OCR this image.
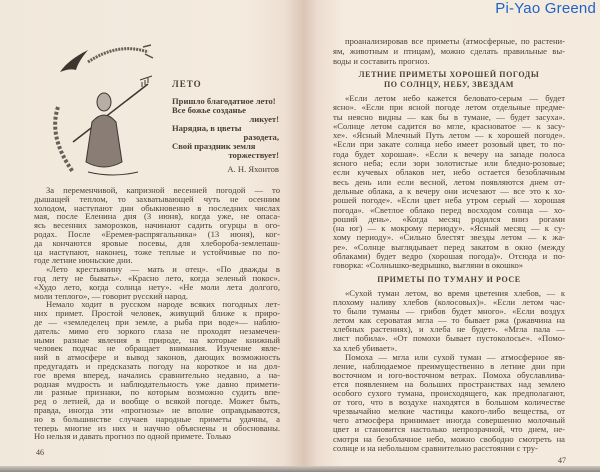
ЛЕТО
Пришло благодатное лето!
Все божье созданье
ликует!
Нарядна, в цветы
разодета,
Свой праздник земля
торжествует!
А. Н. Яхонтов
За переменчивой, капризной весенней погодой — то
дышащей теплом, то захватывающей чуть не осенним
холодом, наступают дни обыкновенно в последних числах
мая, после Еленина дня (3 июня), когда уже, не опаса-
ясь весенних заморозков, начинают садить огурцы в ого-
родах. После «Еремея-распрягальника» (13 июня), ког-
да кончаются яровые посевы, для хлебороба-землепаш-
ца наступают, наконец, тоже теплые и устойчивые по по-
годе летние июньские дни.
«Лето крестьянину — мать и отец». «По дважды в
год лету не бывать». «Красно лето, когда зеленый покос».
«Худо лето, когда солнца нету». «Не моли лета долгого,
моли теплого», — говорит русский народ.
Немало ходит в русском народе всяких погодных лет-
них примет. Простой человек, живущий ближе к приро-
де — «земледелец при земле, а рыба при воде»— наблю-
датель: мимо его зоркого глаза не проходят незамечен-
ными разные явления в природе, на которые книжный
человек подчас не обращает внимания. Изучение явле-
ний в атмосфере и вывод законов, дающих возможность
предугадать и предсказать погоду на короткое и на дол-
гое время вперед, начались сравнительно недавно, а на-
родная мудрость и наблюдательность уже давно примети-
ли разные признаки, по которым возможно судить впе-
ред о летней, да и вообще о всякой погоде. Может быть,
правда, иногда эти «прогнозы» не вполне оправдываются,
но в большинстве случаев народные приметы удачны, а
теперь многие из них и научно объяснены и обоснованы.
Но нельзя и давать прогноз по одной примете. Только
46
проанализировав все приметы (атмосферные, по растени-
ям, животным и птицам), можно сделать правильные вы-
воды и составить прогноз.
ЛЕТНИЕ ПРИМЕТЫ ХОРОШЕЙ ПОГОДЫ
ПО СОЛНЦУ, НЕБУ, ЗВЕЗДАМ
«Если летом небо кажется беловато-серым — будет
ясно». «Если при ясной погоде летом отдельные предме-
ты неясно видны — как бы в тумане, — будет засуха».
«Солнце летом садится во мгле, красноватое — к засу-
хе». «Ясный Млечный Путь летом — к хорошей погоде».
«Если при закате солнца небо имеет розовый цвет, то по-
года будет хорошая». «Если к вечеру на западе полоса
ясного неба; если зори золотистые или бледно-розовые;
если кучевых облаков нет, небо остается безоблачным
весь день или если весной, летом появляются днем от-
дельные облака, а к вечеру они исчезают — все это к хо-
рошей погоде». «Если цвет неба утром серый — хорошая
погода». «Светлое облако перед восходом солнца — хо-
роший день». «Когда месяц родился вниз рогами
(на юг) — к мокрому периоду». «Ясный месяц — к су-
хому периоду». «Сильно блестят звезды летом — к жа-
ре». «Солнце выглядывает перед закатом в окно (между
облаками) будет ведро (хорошая погода)». Отсюда и по-
говорка: «Солнышко-ведрышко, выгляни в окошко»
ПРИМЕТЫ ПО ТУМАНУ И РОСЕ
«Сухой туман летом, во время цветения хлебов, — к
плохому наливу хлебов (колосовых)». «Если летом час-
то были туманы — грибов будет много». «Если воздух
летом как сероватая мгла — то бывает ржа (ржавчина на
хлебных растениях), и хлеба не будет». «Мгла пала —
лист побила». «От помохи бывает пустоколосье». «Помо-
ха хлеб убивает».
Помоха — мгла или сухой туман — атмосферное яв-
ление, наблюдаемое преимущественно в летние дни при
восточном и юго-восточном ветрах. Помоха обуславлива-
ется появлением на больших пространствах над землею
особого сухого тумана, происходящего, как предполагают,
от того, что в воздухе находятся в большом количестве
чрезвычайно мелкие частицы какого-либо вещества, от
чего атмосфера принимает иногда совершенно молочный
цвет и становится настолько непрозрачной, что днем, не-
смотря на безоблачное небо, можно свободно смотреть на
солнце и на небольшом сравнительно расстоянии с тру-
47
Pi-Yao Greend
